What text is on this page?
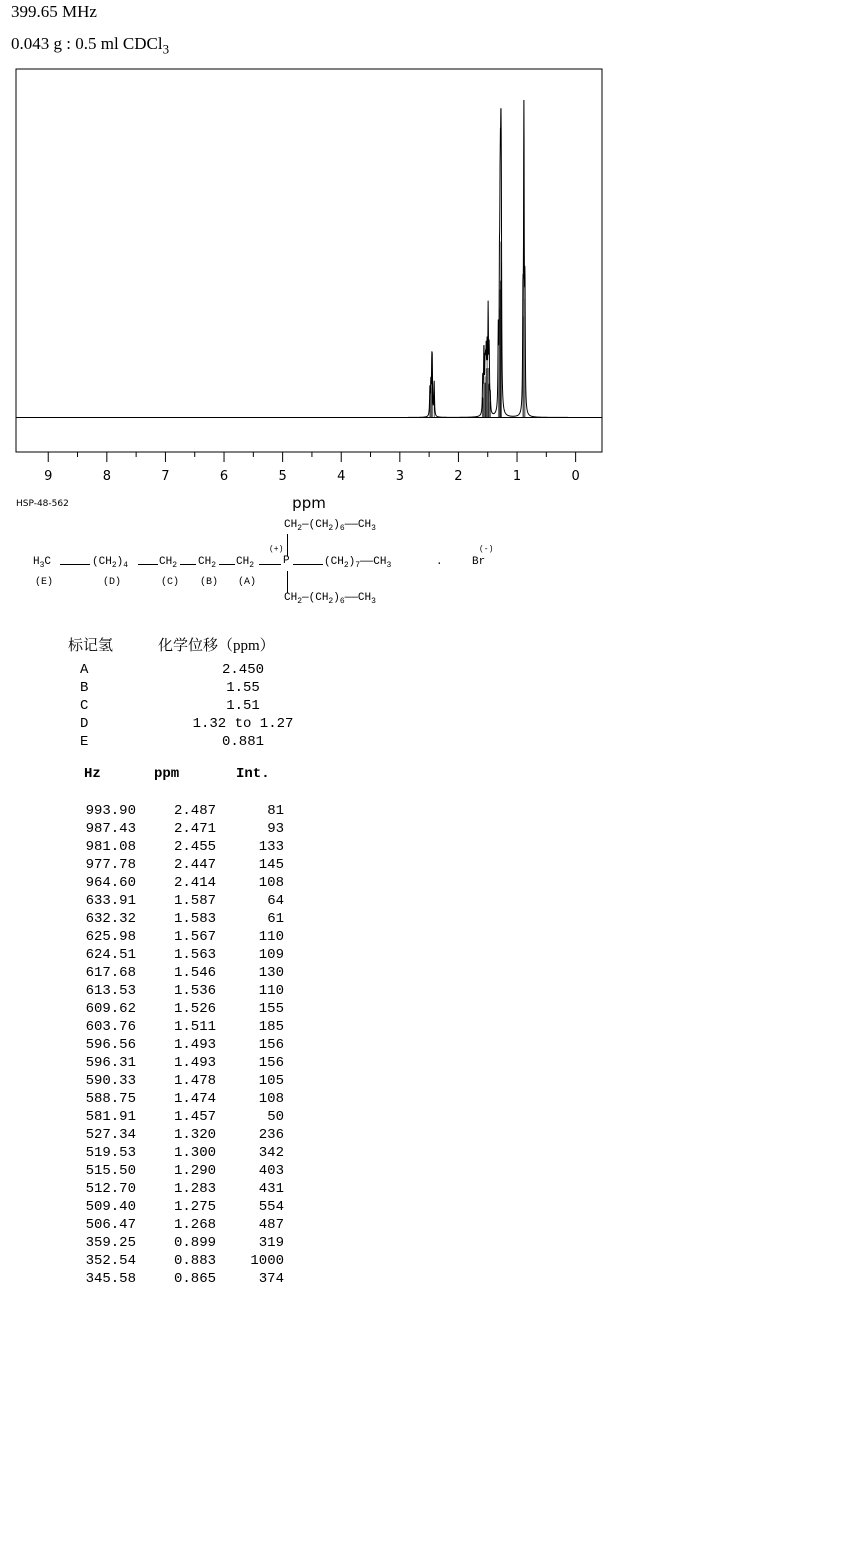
399.65 MHz
0.043 g : 0.5 ml CDCl$_3$
9	8	7	6	5	4	3	2	1	0
ppm
HSP-48-562
$CH_2—(CH_2)_6——CH_3$
$H_3C$	$(CH_2)_4$	$CH_2$ $CH_2$ $CH_2$
(+)
P	$(CH_2)_7——CH_3$	.	Br
(-)
$CH_2—(CH_2)_6——CH_3$
(E)	(D)	(C) (B) (A)
标记氢	化学位移（ppm）
A	2.450
B	1.55
C	1.51
D	1.32 to 1.27
E	0.881
Hz	ppm	Int.
993.90	2.487	81
987.43	2.471	93
981.08	2.455	133
977.78	2.447	145
964.60	2.414	108
633.91	1.587	64
632.32	1.583	61
625.98	1.567	110
624.51	1.563	109
617.68	1.546	130
613.53	1.536	110
609.62	1.526	155
603.76	1.511	185
596.56	1.493	156
596.31	1.493	156
590.33	1.478	105
588.75	1.474	108
581.91	1.457	50
527.34	1.320	236
519.53	1.300	342
515.50	1.290	403
512.70	1.283	431
509.40	1.275	554
506.47	1.268	487
359.25	0.899	319
352.54	0.883	1000
345.58	0.865	374
